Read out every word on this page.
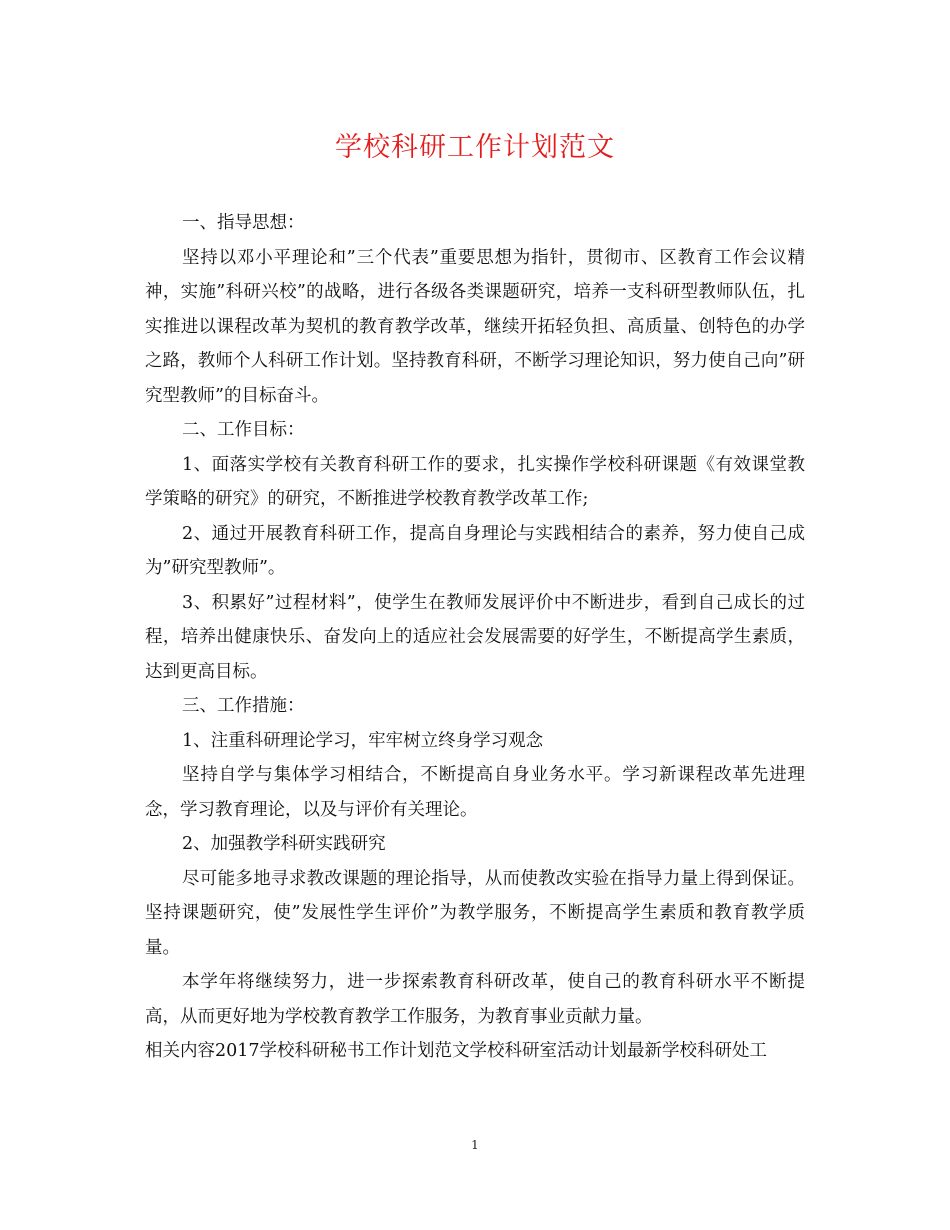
学校科研工作计划范文

一、指导思想：

坚持以邓小平理论和”三个代表”重要思想为指针，贯彻市、区教育工作会议精神，实施”科研兴校”的战略，进行各级各类课题研究，培养一支科研型教师队伍，扎实推进以课程改革为契机的教育教学改革，继续开拓轻负担、高质量、创特色的办学之路，教师个人科研工作计划。坚持教育科研，不断学习理论知识，努力使自己向”研究型教师”的目标奋斗。

二、工作目标：

1、面落实学校有关教育科研工作的要求，扎实操作学校科研课题《有效课堂教学策略的研究》的研究，不断推进学校教育教学改革工作;

2、通过开展教育科研工作，提高自身理论与实践相结合的素养，努力使自己成为”研究型教师”。

3、积累好”过程材料”，使学生在教师发展评价中不断进步，看到自己成长的过程，培养出健康快乐、奋发向上的适应社会发展需要的好学生，不断提高学生素质，达到更高目标。

三、工作措施：

1、注重科研理论学习，牢牢树立终身学习观念

坚持自学与集体学习相结合，不断提高自身业务水平。学习新课程改革先进理念，学习教育理论，以及与评价有关理论。

2、加强教学科研实践研究

尽可能多地寻求教改课题的理论指导，从而使教改实验在指导力量上得到保证。坚持课题研究，使”发展性学生评价”为教学服务，不断提高学生素质和教育教学质量。

本学年将继续努力，进一步探索教育科研改革，使自己的教育科研水平不断提高，从而更好地为学校教育教学工作服务，为教育事业贡献力量。

相关内容2017学校科研秘书工作计划范文学校科研室活动计划最新学校科研处工

1
